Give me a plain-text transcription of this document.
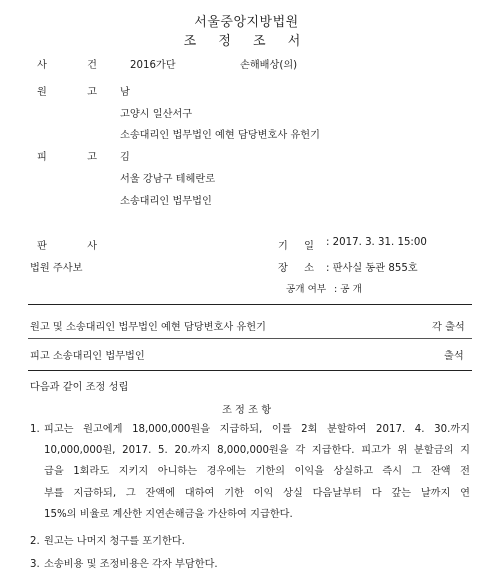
서울중앙지방법원
조 정 조 서
사 건	2016가단	손해배상(의)
원 고 남
고양시 일산서구
소송대리인 법무법인 예현 담당변호사 유헌기
피 고 김
서울 강남구 테헤란로
소송대리인 법무법인
판 사
법원 주사보
기 일 : 2017. 3. 31. 15:00
장 소 : 판사실 동관 855호
공개 여부 : 공 개
원고 및 소송대리인 법무법인 예현 담당변호사 유헌기	각 출석
피고 소송대리인 법무법인	출석
다음과 같이 조정 성립
조 정 조 항
1. 피고는 원고에게 18,000,000원을 지급하되, 이를 2회 분할하여 2017. 4. 30.까지
10,000,000원, 2017. 5. 20.까지 8,000,000원을 각 지급한다. 피고가 위 분할금의 지
급을 1회라도 지키지 아니하는 경우에는 기한의 이익을 상실하고 즉시 그 잔액 전
부를 지급하되, 그 잔액에 대하여 기한 이익 상실 다음날부터 다 갚는 날까지 연
15%의 비율로 계산한 지연손해금을 가산하여 지급한다.
2. 원고는 나머지 청구를 포기한다.
3. 소송비용 및 조정비용은 각자 부담한다.
